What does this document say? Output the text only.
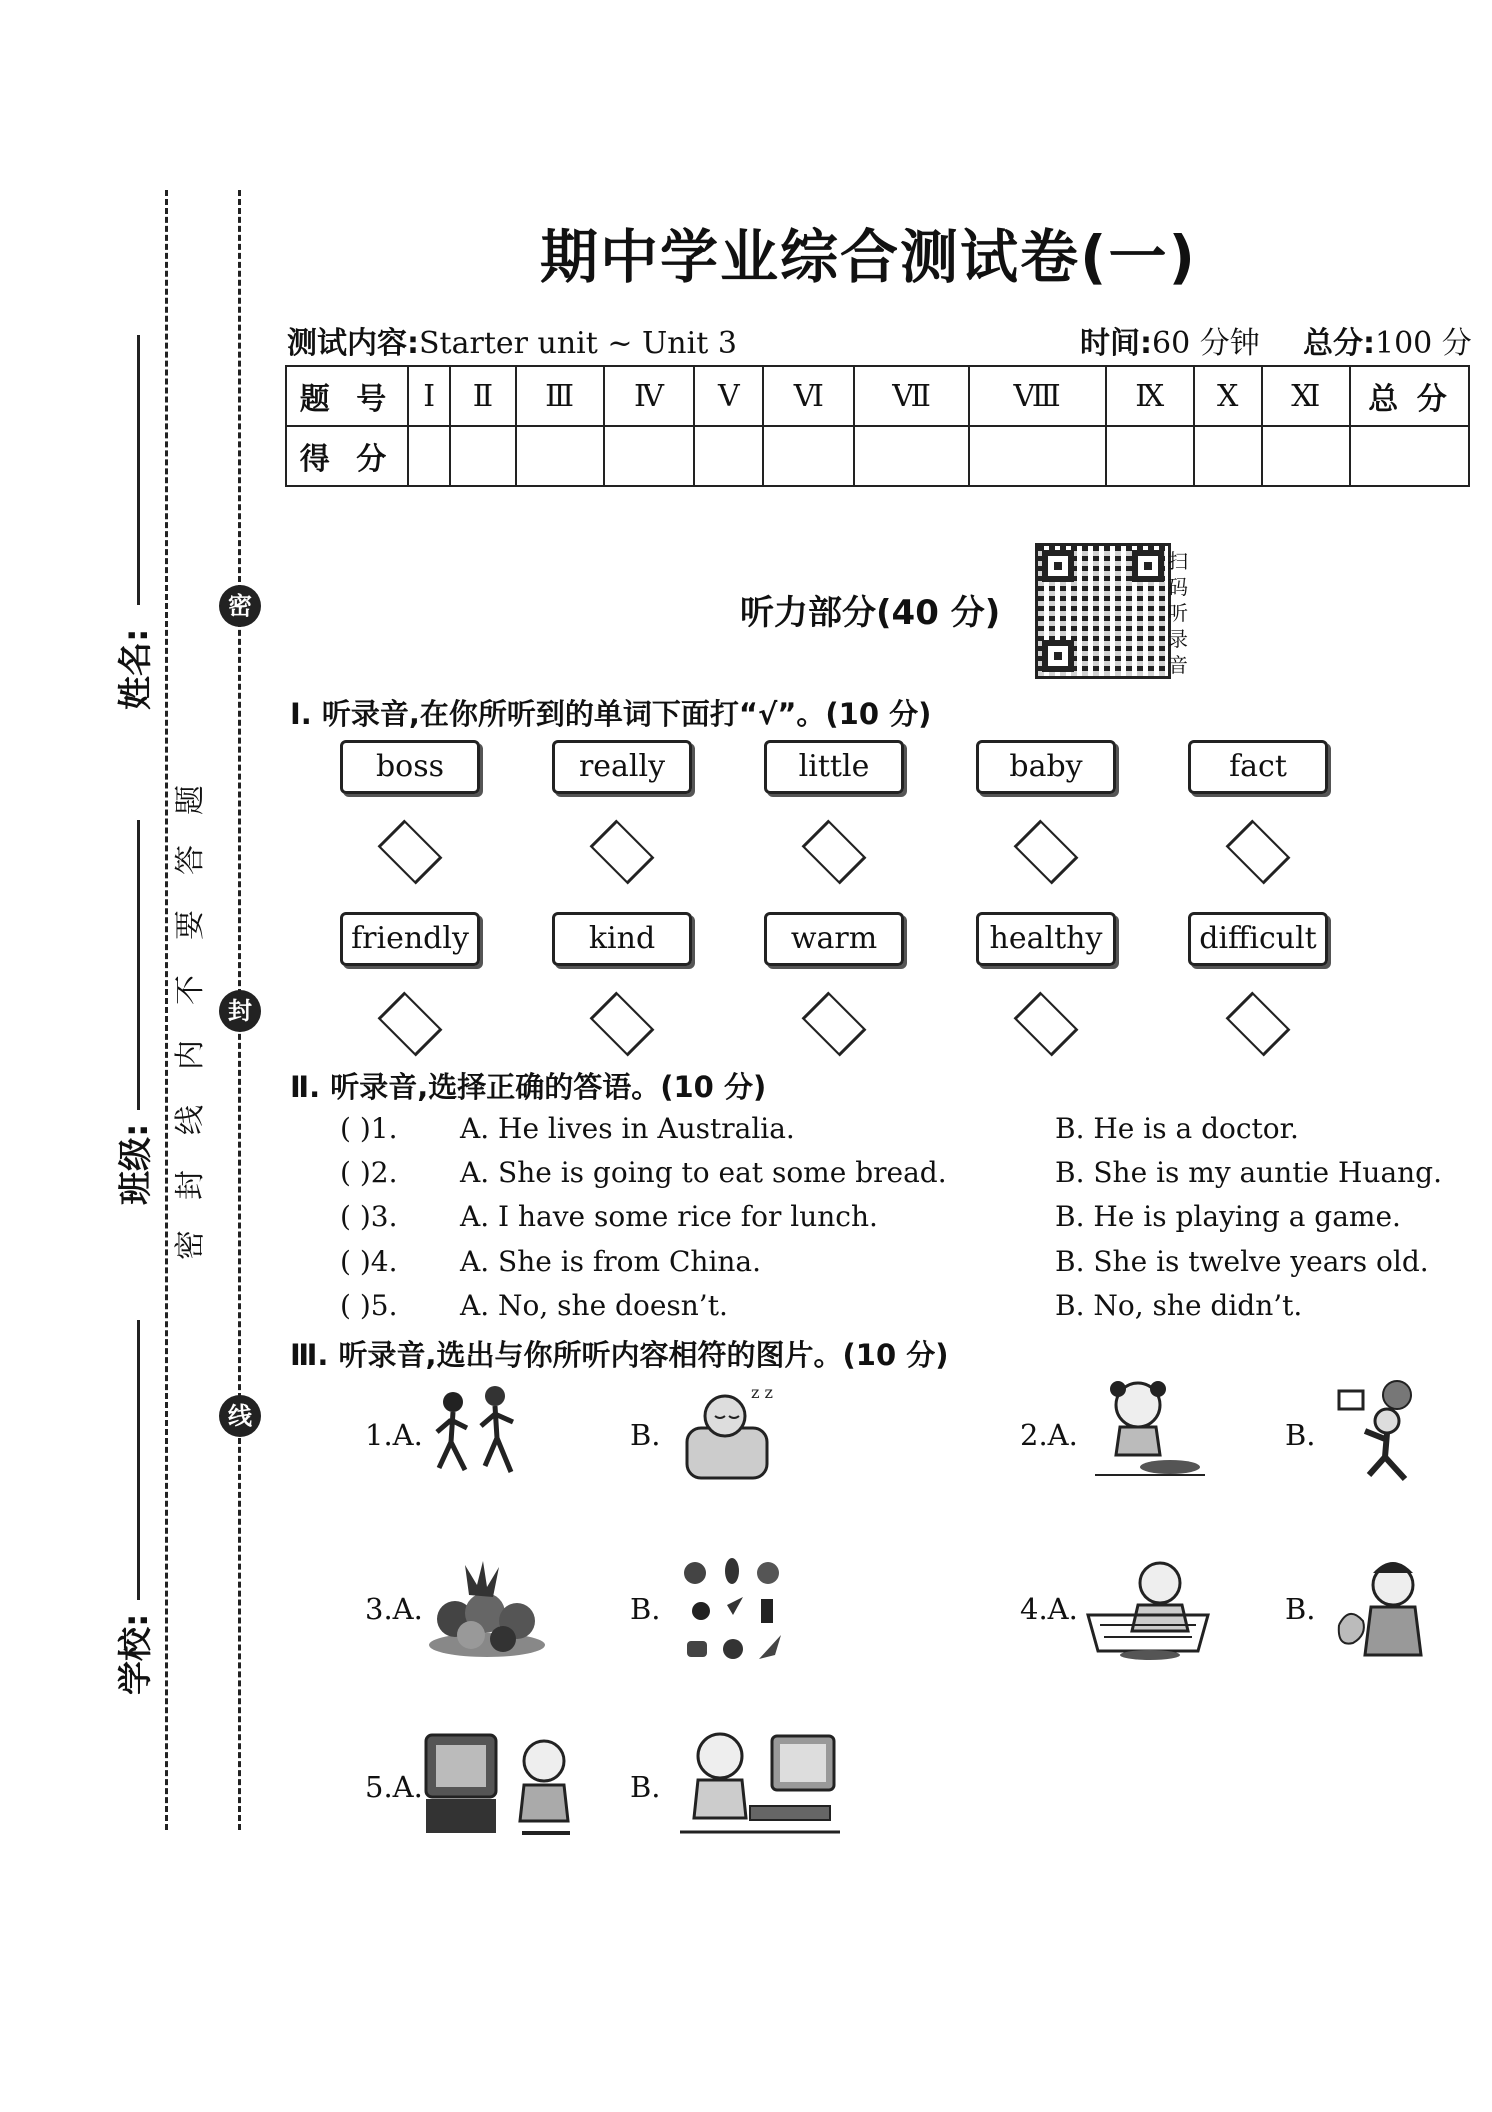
姓名:
班级:
学校:
密
封
线
密
封
线
内
不
要
答
题
期中学业综合测试卷(一)
测试内容:Starter unit ~ Unit 3	时间:60 分钟 总分:100 分
题 号	Ⅰ	Ⅱ	Ⅲ	Ⅳ	Ⅴ	Ⅵ	Ⅶ	Ⅷ	Ⅸ	Ⅹ	Ⅺ	总 分
得 分												
听力部分(40 分)
扫码听录音
Ⅰ. 听录音,在你所听到的单词下面打“√”。(10 分)
boss	really	little	baby	fact
friendly	kind	warm	healthy	difficult
Ⅱ. 听录音,选择正确的答语。(10 分)
( )1. A. He lives in Australia.	B. He is a doctor.
( )2. A. She is going to eat some bread.	B. She is my auntie Huang.
( )3. A. I have some rice for lunch.	B. He is playing a game.
( )4. A. She is from China.	B. She is twelve years old.
( )5. A. No, she doesn’t.	B. No, she didn’t.
Ⅲ. 听录音,选出与你所听内容相符的图片。(10 分)
1.A.	B.
z z
2.A.	B.
3.A.	B.	4.A.	B.
5.A.	B.
